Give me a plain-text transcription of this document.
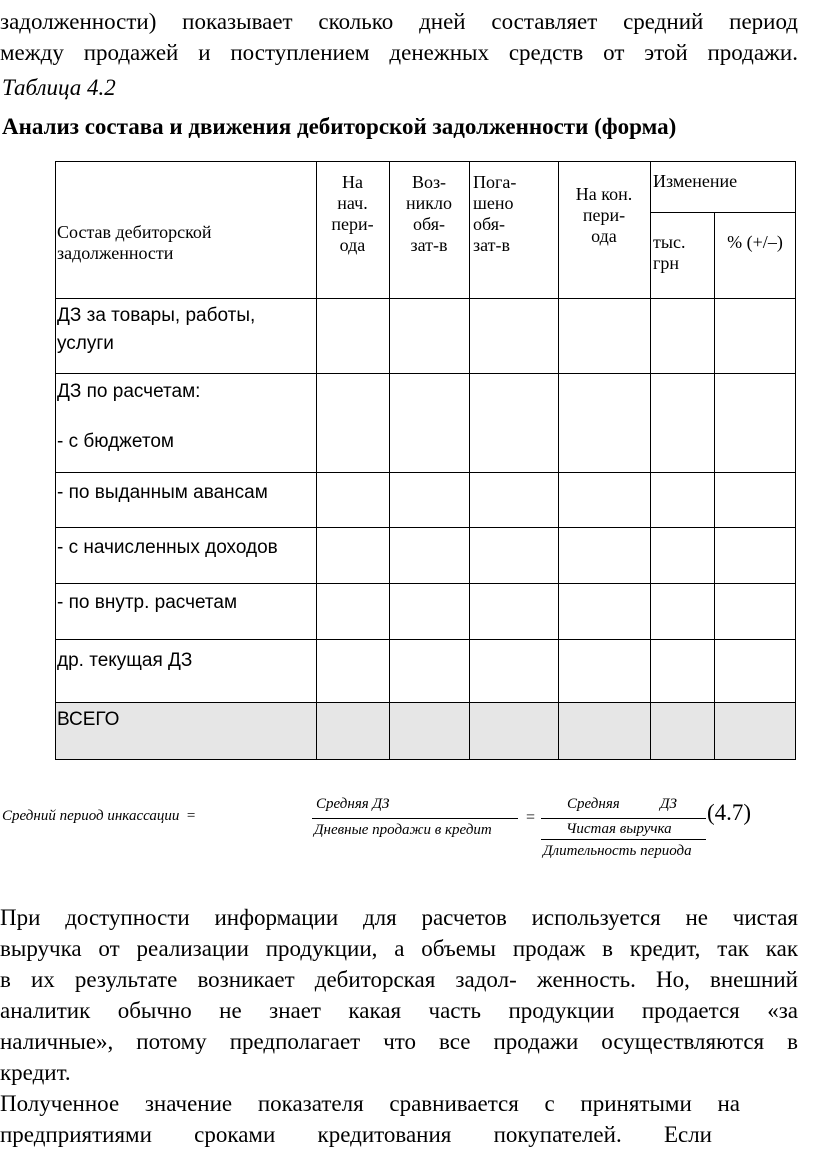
задолженности) показывает сколько дней составляет средний период
между продажей и поступлением денежных средств от этой продажи.
Таблица 4.2
Анализ состава и движения дебиторской задолженности (форма)
Состав дебиторской
задолженности
На
нач.
пери-
ода
Воз-
никло
обя-
зат-в
Пога-
шено
обя-
зат-в
На кон.
пери-
ода
Изменение
тыс.
грн
% (+/–)
ДЗ за товары, работы,
услуги
ДЗ по расчетам:
- с бюджетом
- по выданным авансам
- с начисленных доходов
- по внутр. расчетам
др. текущая ДЗ
ВСЕГО
Средний период инкассации =
Средняя ДЗ
Дневные продажи в кредит
=
Средняя	ДЗ
Чистая выручка
Длительность периода
(4.7)
При доступности информации для расчетов используется не чистая
выручка от реализации продукции, а объемы продаж в кредит, так как
в их результате возникает дебиторская задол- женность. Но, внешний
аналитик обычно не знает какая часть продукции продается «за
наличные», потому предполагает что все продажи осуществляются в
кредит.
Полученное значение показателя сравнивается с принятыми на
предприятиями сроками кредитования покупателей. Если
